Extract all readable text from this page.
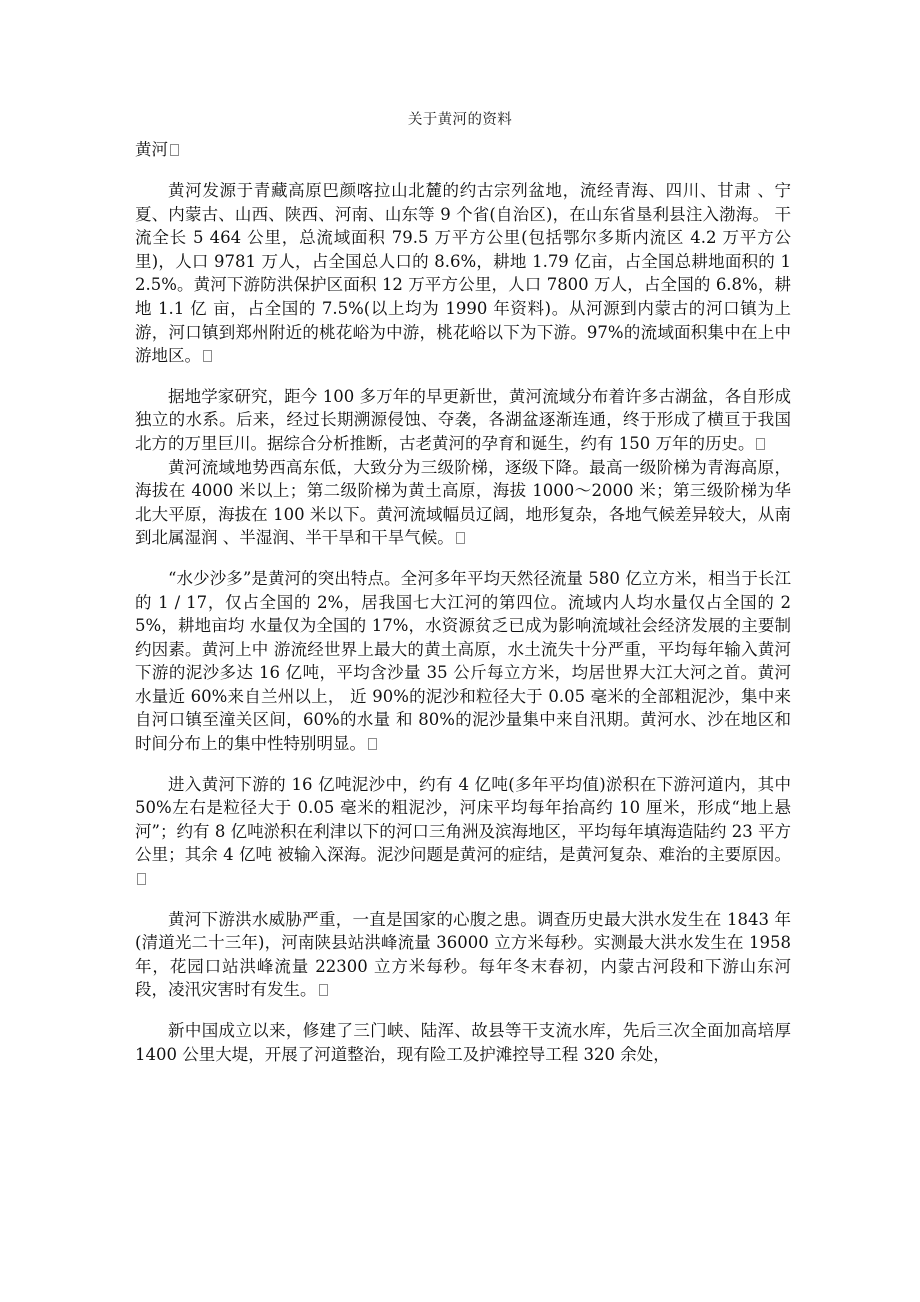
关于黄河的资料
黄河

黄河发源于青藏高原巴颜喀拉山北麓的约古宗列盆地，流经青海、四川、甘肃 、宁夏、内蒙古、山西、陕西、河南、山东等 9 个省(自治区)，在山东省垦利县注入渤海。 干流全长 5 464 公里，总流域面积 79.5 万平方公里(包括鄂尔多斯内流区 4.2 万平方公里)，人口 9781 万人，占全国总人口的 8.6%，耕地 1.79 亿亩，占全国总耕地面积的 12.5%。黄河下游防洪保护区面积 12 万平方公里，人口 7800 万人，占全国的 6.8%，耕地 1.1 亿 亩，占全国的 7.5%(以上均为 1990 年资料)。从河源到内蒙古的河口镇为上游，河口镇到郑州附近的桃花峪为中游，桃花峪以下为下游。97%的流域面积集中在上中游地区。

据地学家研究，距今 100 多万年的早更新世，黄河流域分布着许多古湖盆，各自形成独立的水系。后来，经过长期溯源侵蚀、夺袭，各湖盆逐渐连通，终于形成了横亘于我国北方的万里巨川。据综合分析推断，古老黄河的孕育和诞生，约有 150 万年的历史。

黄河流域地势西高东低，大致分为三级阶梯，逐级下降。最高一级阶梯为青海高原，海拔在 4000 米以上；第二级阶梯为黄土高原，海拔 1000～2000 米；第三级阶梯为华北大平原，海拔在 100 米以下。黄河流域幅员辽阔，地形复杂，各地气候差异较大，从南到北属湿润 、半湿润、半干旱和干旱气候。

“水少沙多”是黄河的突出特点。全河多年平均天然径流量 580 亿立方米，相当于长江的 1 / 17，仅占全国的 2%，居我国七大江河的第四位。流域内人均水量仅占全国的 25%，耕地亩均 水量仅为全国的 17%，水资源贫乏已成为影响流域社会经济发展的主要制约因素。黄河上中 游流经世界上最大的黄土高原，水土流失十分严重，平均每年输入黄河下游的泥沙多达 16 亿吨，平均含沙量 35 公斤每立方米，均居世界大江大河之首。黄河水量近 60%来自兰州以上， 近 90%的泥沙和粒径大于 0.05 毫米的全部粗泥沙，集中来自河口镇至潼关区间，60%的水量 和 80%的泥沙量集中来自汛期。黄河水、沙在地区和时间分布上的集中性特别明显。

进入黄河下游的 16 亿吨泥沙中，约有 4 亿吨(多年平均值)淤积在下游河道内，其中 50%左右是粒径大于 0.05 毫米的粗泥沙，河床平均每年抬高约 10 厘米，形成“地上悬河”；约有 8 亿吨淤积在利津以下的河口三角洲及滨海地区，平均每年填海造陆约 23 平方公里；其余 4 亿吨 被输入深海。泥沙问题是黄河的症结，是黄河复杂、难治的主要原因。

黄河下游洪水威胁严重，一直是国家的心腹之患。调查历史最大洪水发生在 1843 年(清道光二十三年)，河南陕县站洪峰流量 36000 立方米每秒。实测最大洪水发生在 1958 年，花园口站洪峰流量 22300 立方米每秒。每年冬末春初，内蒙古河段和下游山东河段，凌汛灾害时有发生。

新中国成立以来，修建了三门峡、陆浑、故县等干支流水库，先后三次全面加高培厚 1400 公里大堤，开展了河道整治，现有险工及护滩控导工程 320 余处，
